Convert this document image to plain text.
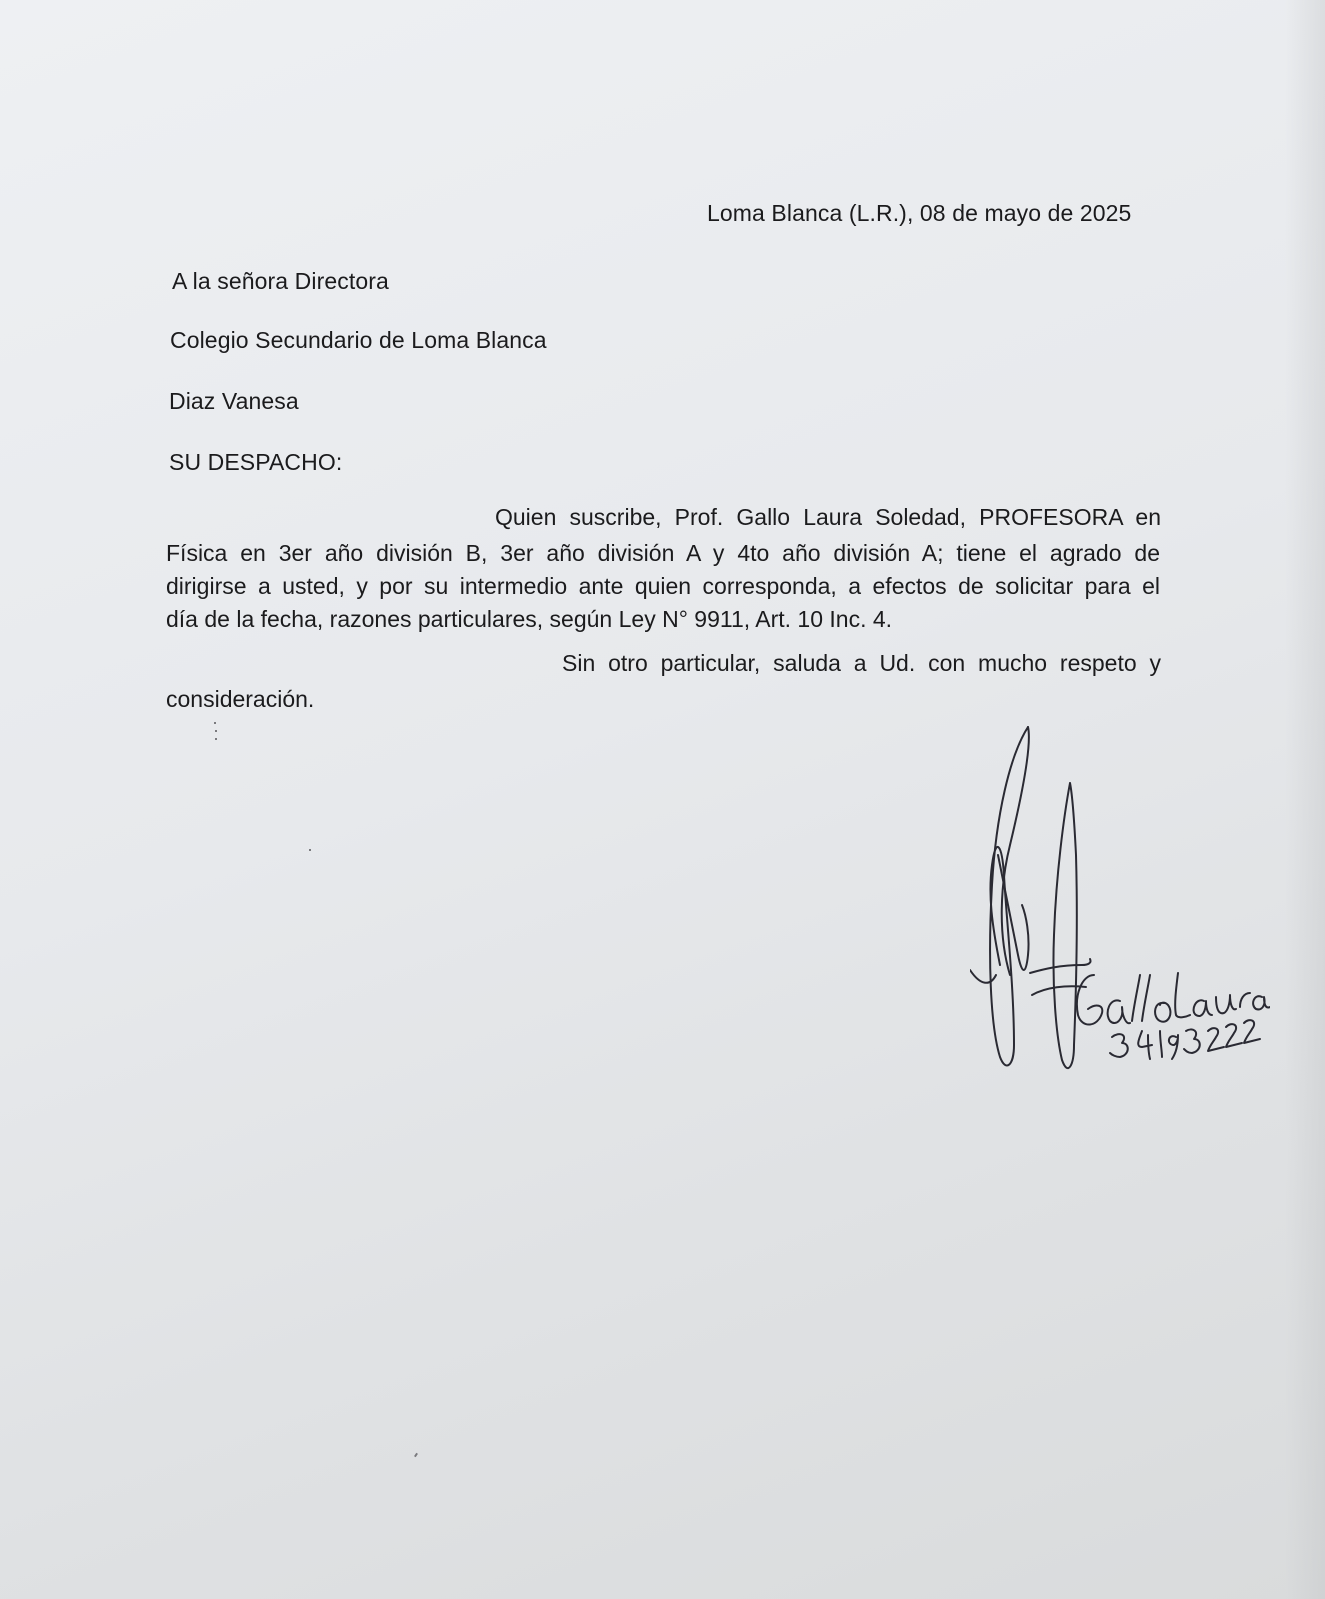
Loma Blanca (L.R.), 08 de mayo de 2025
A la señora Directora
Colegio Secundario de Loma Blanca
Diaz Vanesa
SU DESPACHO:
Quien suscribe, Prof. Gallo Laura Soledad, PROFESORA en
Física en 3er año división B, 3er año división A y 4to año división A; tiene el agrado de
dirigirse a usted, y por su intermedio ante quien corresponda, a efectos de solicitar para el
día de la fecha, razones particulares, según Ley N° 9911, Art. 10 Inc. 4.
Sin otro particular, saluda a Ud. con mucho respeto y
consideración.
